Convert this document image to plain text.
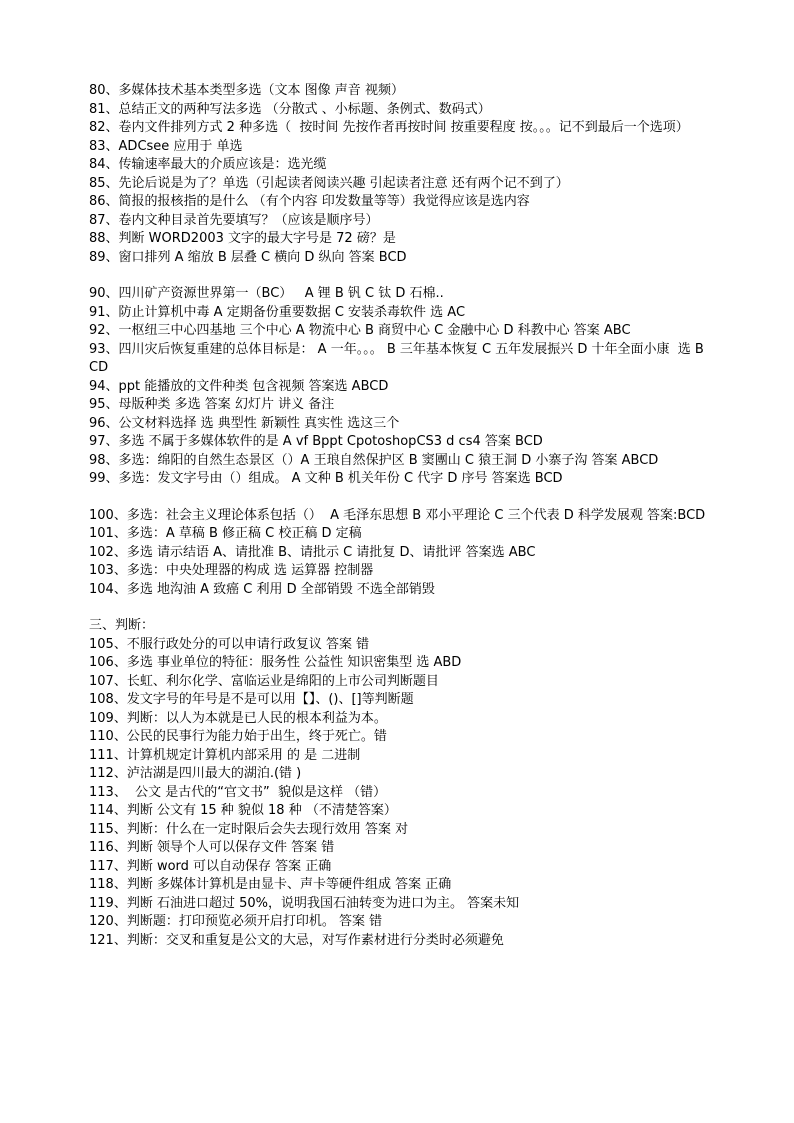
80、多媒体技术基本类型多选（文本 图像 声音 视频）
81、总结正文的两种写法多选 （分散式 、小标题、条例式、数码式）
82、卷内文件排列方式 2 种多选（  按时间 先按作者再按时间 按重要程度 按。。。记不到最后一个选项）
83、ADCsee 应用于 单选
84、传输速率最大的介质应该是：选光缆
85、先论后说是为了？单选（引起读者阅读兴趣 引起读者注意 还有两个记不到了）
86、简报的报核指的是什么 （有个内容 印发数量等等）我觉得应该是选内容
87、卷内文种目录首先要填写？（应该是顺序号）
88、判断 WORD2003 文字的最大字号是 72 磅？是
89、窗口排列 A 缩放 B 层叠 C 横向 D 纵向 答案 BCD
90、四川矿产资源世界第一（BC）   A 锂 B 钒 C 钛 D 石棉..
91、防止计算机中毒 A 定期备份重要数据 C 安装杀毒软件 选 AC
92、一枢纽三中心四基地 三个中心 A 物流中心 B 商贸中心 C 金融中心 D 科教中心 答案 ABC
93、四川灾后恢复重建的总体目标是： A 一年。。。 B 三年基本恢复 C 五年发展振兴 D 十年全面小康  选 BCD
94、ppt 能播放的文件种类 包含视频 答案选 ABCD
95、母版种类 多选 答案 幻灯片 讲义 备注
96、公文材料选择 选 典型性 新颖性 真实性 选这三个
97、多选 不属于多媒体软件的是 A vf Bppt CpotoshopCS3 d cs4 答案 BCD
98、多选：绵阳的自然生态景区（）A 王琅自然保护区 B 窦團山 C 猿王洞 D 小寨子沟 答案 ABCD
99、多选：发文字号由（）组成。 A 文种 B 机关年份 C 代字 D 序号 答案选 BCD
100、多选：社会主义理论体系包括（）  A 毛泽东思想 B 邓小平理论 C 三个代表 D 科学发展观 答案:BCD
101、多选：A 草稿 B 修正稿 C 校正稿 D 定稿
102、多选 请示结语 A、请批准 B、请批示 C 请批复 D、请批评 答案选 ABC
103、多选：中央处理器的构成 选 运算器 控制器
104、多选 地沟油 A 致癌 C 利用 D 全部销毁 不选全部销毁
三、判断：
105、不服行政处分的可以申请行政复议 答案 错
106、多选 事业单位的特征：服务性 公益性 知识密集型 选 ABD
107、长虹、利尔化学、富临运业是绵阳的上市公司判断题目
108、发文字号的年号是不是可以用【】、()、[]等判断题
109、判断：以人为本就是已人民的根本利益为本。
110、公民的民事行为能力始于出生，终于死亡。错
111、计算机规定计算机内部采用 的 是 二进制
112、泸沽湖是四川最大的湖泊.(错 )
113、  公文 是古代的“官文书”  貌似是这样 （错）
114、判断 公文有 15 种 貌似 18 种 （不清楚答案）
115、判断：什么在一定时限后会失去现行效用 答案 对
116、判断 领导个人可以保存文件 答案 错
117、判断 word 可以自动保存 答案 正确
118、判断 多媒体计算机是由显卡、声卡等硬件组成 答案 正确
119、判断 石油进口超过 50%，说明我国石油转变为进口为主。 答案未知
120、判断题：打印预览必须开启打印机。 答案 错
121、判断：交叉和重复是公文的大忌，对写作素材进行分类时必须避免
